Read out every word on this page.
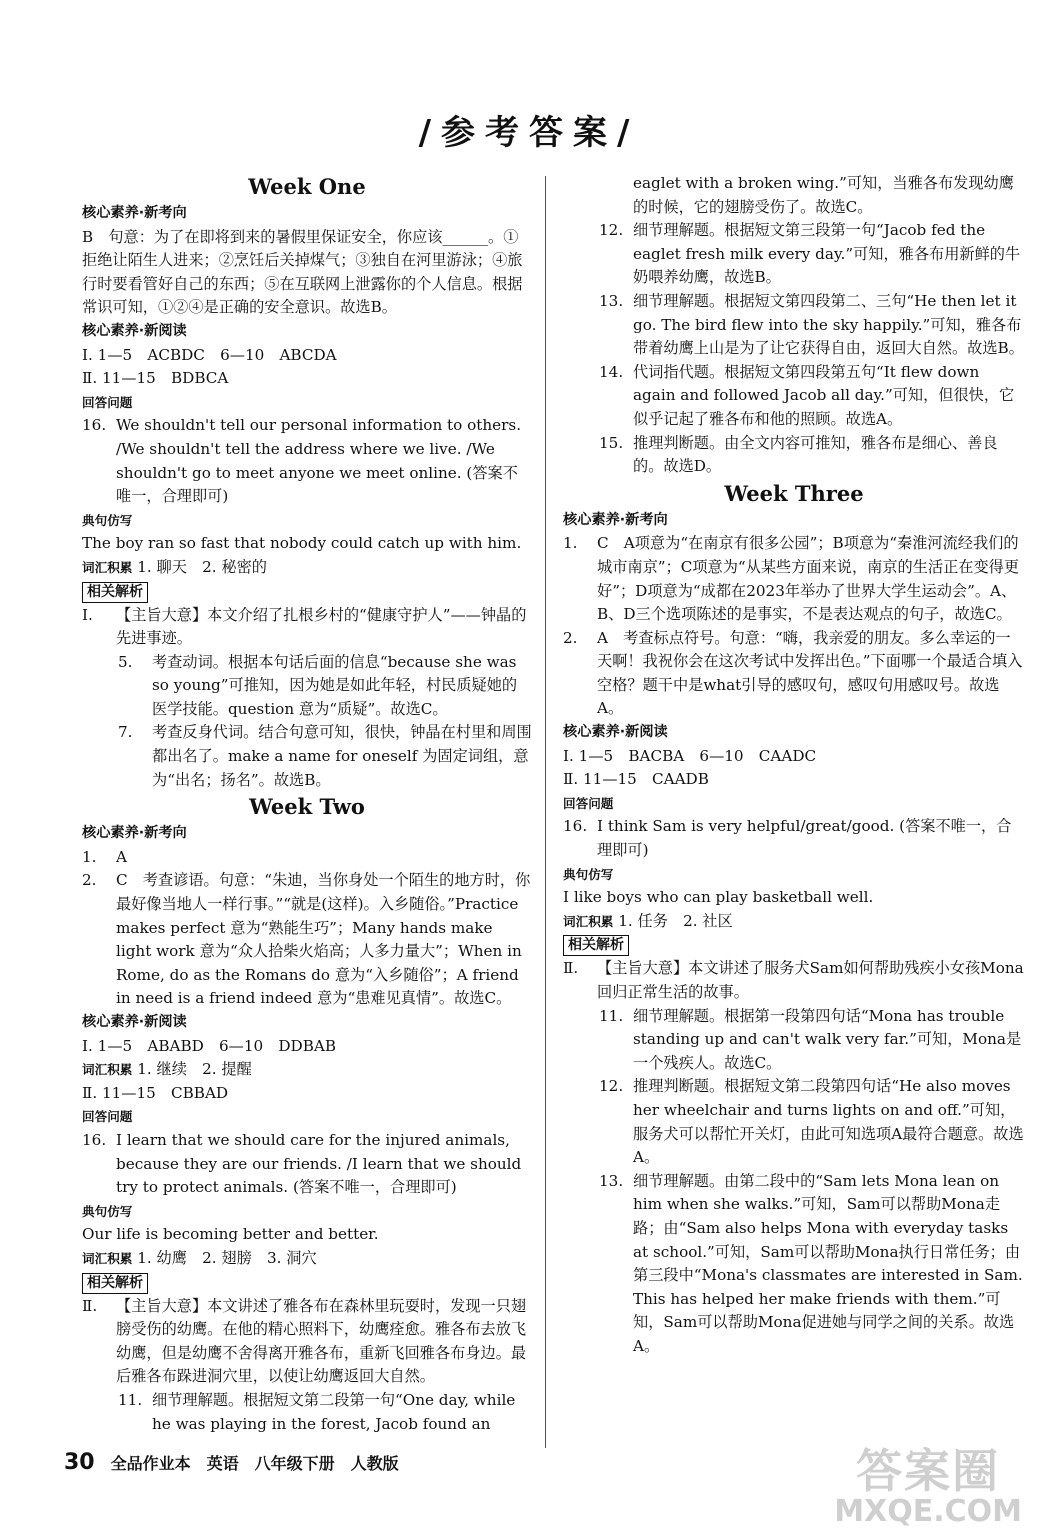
/参考答案/
Week One

核心素养·新考向

B　句意：为了在即将到来的暑假里保证安全，你应该______。①拒绝让陌生人进来；②烹饪后关掉煤气；③独自在河里游泳；④旅行时要看管好自己的东西；⑤在互联网上泄露你的个人信息。根据常识可知，①②④是正确的安全意识。故选B。

核心素养·新阅读

Ⅰ. 1—5　ACBDC　6—10　ABCDA

Ⅱ. 11—15　BDBCA

回答问题

16. We shouldn't tell our personal information to others. /We shouldn't tell the address where we live. /We shouldn't go to meet anyone we meet online. (答案不唯一，合理即可)

典句仿写

The boy ran so fast that nobody could catch up with him.

词汇积累 1. 聊天　2. 秘密的

相关解析
Ⅰ.	【主旨大意】本文介绍了扎根乡村的“健康守护人”——钟晶的先进事迹。
5.	考查动词。根据本句话后面的信息“because she was so young”可推知，因为她是如此年轻，村民质疑她的医学技能。question 意为“质疑”。故选C。
7.	考查反身代词。结合句意可知，很快，钟晶在村里和周围都出名了。make a name for oneself 为固定词组，意为“出名；扬名”。故选B。
Week Two

核心素养·新考向

1.	A
2.	C　考查谚语。句意：“朱迪，当你身处一个陌生的地方时，你最好像当地人一样行事。”“就是(这样)。入乡随俗。”Practice makes perfect 意为“熟能生巧”；Many hands make light work 意为“众人拾柴火焰高；人多力量大”；When in Rome, do as the Romans do 意为“入乡随俗”；A friend in need is a friend indeed 意为“患难见真情”。故选C。

核心素养·新阅读

Ⅰ. 1—5　ABABD　6—10　DDBAB

词汇积累 1. 继续　2. 提醒

Ⅱ. 11—15　CBBAD

回答问题

16. I learn that we should care for the injured animals, because they are our friends. /I learn that we should try to protect animals. (答案不唯一，合理即可)

典句仿写

Our life is becoming better and better.

词汇积累 1. 幼鹰　2. 翅膀　3. 洞穴

相关解析
Ⅱ.	【主旨大意】本文讲述了雅各布在森林里玩耍时，发现一只翅膀受伤的幼鹰。在他的精心照料下，幼鹰痊愈。雅各布去放飞幼鹰，但是幼鹰不舍得离开雅各布，重新飞回雅各布身边。最后雅各布跺进洞穴里，以使让幼鹰返回大自然。
11. 细节理解题。根据短文第二段第一句“One day, while he was playing in the forest, Jacob found an
eaglet with a broken wing.”可知，当雅各布发现幼鹰的时候，它的翅膀受伤了。故选C。
12. 细节理解题。根据短文第三段第一句“Jacob fed the eaglet fresh milk every day.”可知，雅各布用新鲜的牛奶喂养幼鹰，故选B。
13. 细节理解题。根据短文第四段第二、三句“He then let it go. The bird flew into the sky happily.”可知，雅各布带着幼鹰上山是为了让它获得自由，返回大自然。故选B。
14. 代词指代题。根据短文第四段第五句“It flew down again and followed Jacob all day.”可知，但很快，它似乎记起了雅各布和他的照顾。故选A。
15. 推理判断题。由全文内容可推知，雅各布是细心、善良的。故选D。
Week Three

核心素养·新考向

1.	C　A项意为“在南京有很多公园”；B项意为“秦淮河流经我们的城市南京”；C项意为“从某些方面来说，南京的生活正在变得更好”；D项意为“成都在2023年举办了世界大学生运动会”。A、B、D三个选项陈述的是事实，不是表达观点的句子，故选C。
2.	A　考查标点符号。句意：“嗨，我亲爱的朋友。多么幸运的一天啊！我祝你会在这次考试中发挥出色。”下面哪一个最适合填入空格？题干中是what引导的感叹句，感叹句用感叹号。故选A。

核心素养·新阅读

Ⅰ. 1—5　BACBA　6—10　CAADC

Ⅱ. 11—15　CAADB

回答问题

16. I think Sam is very helpful/great/good. (答案不唯一，合理即可)

典句仿写

I like boys who can play basketball well.

词汇积累 1. 任务　2. 社区

相关解析
Ⅱ.	【主旨大意】本文讲述了服务犬Sam如何帮助残疾小女孩Mona回归正常生活的故事。
11. 细节理解题。根据第一段第四句话“Mona has trouble standing up and can't walk very far.”可知，Mona是一个残疾人。故选C。
12. 推理判断题。根据短文第二段第四句话“He also moves her wheelchair and turns lights on and off.”可知，服务犬可以帮忙开关灯，由此可知选项A最符合题意。故选A。
13. 细节理解题。由第二段中的“Sam lets Mona lean on him when she walks.”可知，Sam可以帮助Mona走路；由“Sam also helps Mona with everyday tasks at school.”可知，Sam可以帮助Mona执行日常任务；由第三段中“Mona's classmates are interested in Sam. This has helped her make friends with them.”可知，Sam可以帮助Mona促进她与同学之间的关系。故选A。
30 全品作业本 英语 八年级下册 人教版	答案圈
MXQE.COM
